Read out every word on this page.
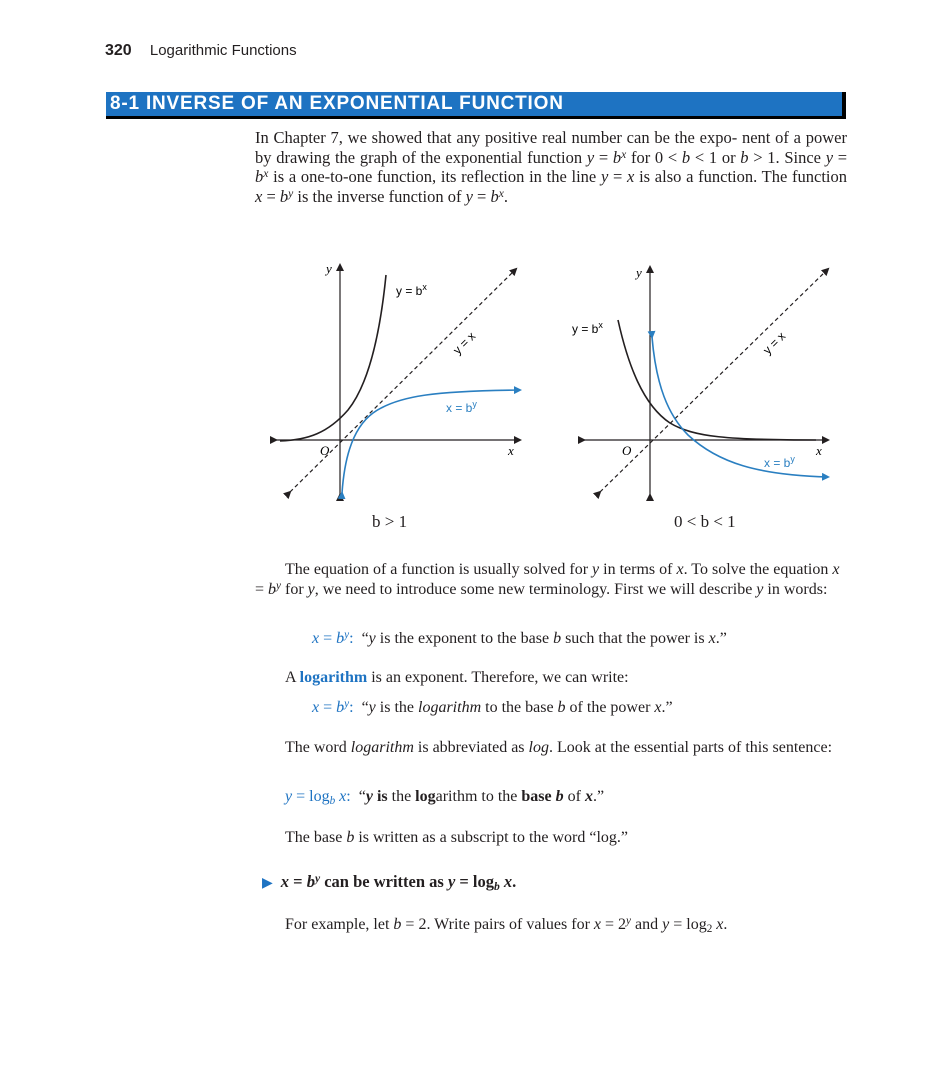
320 Logarithmic Functions
8-1 INVERSE OF AN EXPONENTIAL FUNCTION
In Chapter 7, we showed that any positive real number can be the expo- nent of a power by drawing the graph of the exponential function $y = b^x$ for 0 < b < 1 or b > 1. Since $y = b^x$ is a one-to-one function, its reflection in the line y = x is also a function. The function $x = b^y$ is the inverse function of $y = b^x$.
y
x
O
$y = b^x$
$x = b^y$
y = x
b > 1
y
x
O
$y = b^x$
$x = b^y$
y = x
0 < b < 1
The equation of a function is usually solved for y in terms of x. To solve the equation $x = b^y$ for y, we need to introduce some new terminology. First we will describe y in words:
$x = b^y$:  “y is the exponent to the base b such that the power is x.”
A logarithm is an exponent. Therefore, we can write:
$x = b^y$:  “y is the logarithm to the base b of the power x.”
The word logarithm is abbreviated as log. Look at the essential parts of this sentence:
$y = \log_b x$:  “y is the logarithm to the base b of x.”
The base b is written as a subscript to the word “log.”
▶ $x = b^y$ can be written as $y = \log_b x$.
For example, let b = 2. Write pairs of values for $x = 2^y$ and $y = \log_2 x$.
